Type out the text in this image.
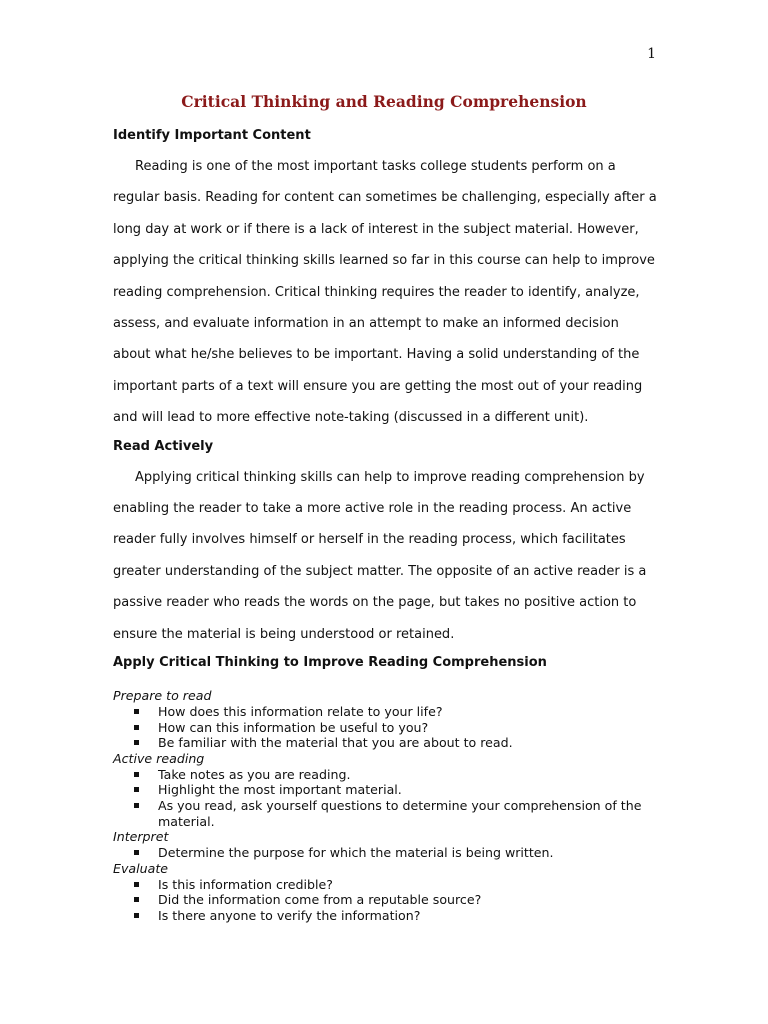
1
Critical Thinking and Reading Comprehension
Identify Important Content

Reading is one of the most important tasks college students perform on a regular basis. Reading for content can sometimes be challenging, especially after a long day at work or if there is a lack of interest in the subject material. However, applying the critical thinking skills learned so far in this course can help to improve reading comprehension. Critical thinking requires the reader to identify, analyze, assess, and evaluate information in an attempt to make an informed decision about what he/she believes to be important. Having a solid understanding of the important parts of a text will ensure you are getting the most out of your reading and will lead to more effective note-taking (discussed in a different unit).

Read Actively

Applying critical thinking skills can help to improve reading comprehension by enabling the reader to take a more active role in the reading process. An active reader fully involves himself or herself in the reading process, which facilitates greater understanding of the subject matter. The opposite of an active reader is a passive reader who reads the words on the page, but takes no positive action to ensure the material is being understood or retained.

Apply Critical Thinking to Improve Reading Comprehension
Prepare to read
How does this information relate to your life?
How can this information be useful to you?
Be familiar with the material that you are about to read.
Active reading
Take notes as you are reading.
Highlight the most important material.
As you read, ask yourself questions to determine your comprehension of the material.
Interpret
Determine the purpose for which the material is being written.
Evaluate
Is this information credible?
Did the information come from a reputable source?
Is there anyone to verify the information?
